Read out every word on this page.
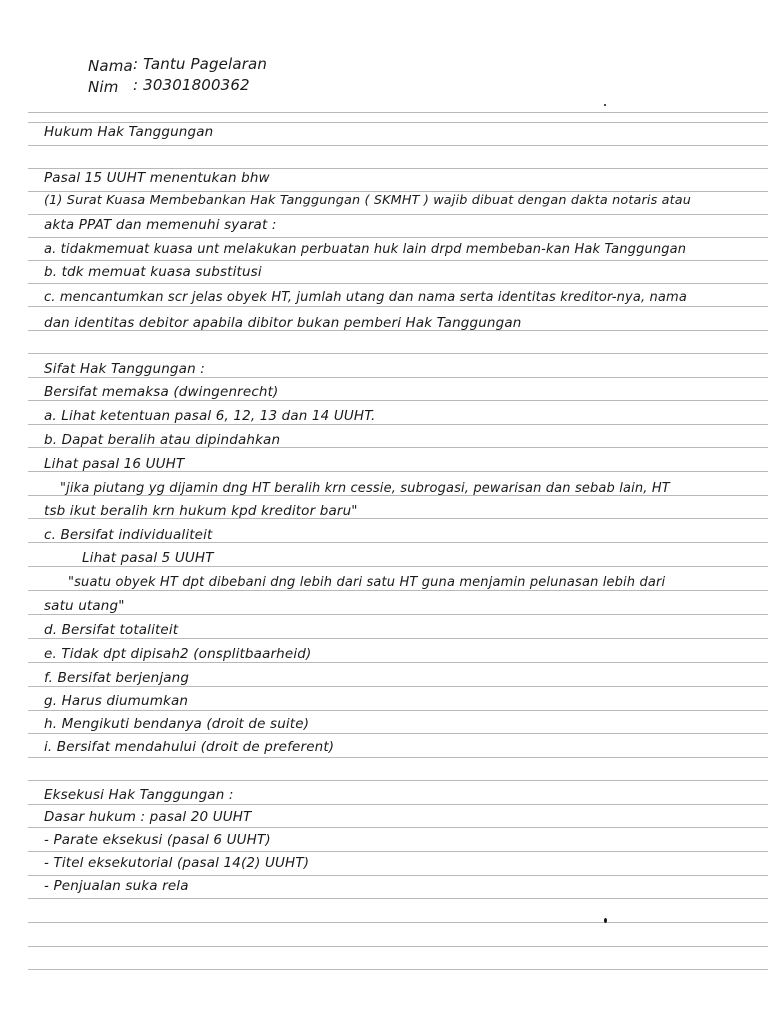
Nama : Tantu Pagelaran
Nim : 30301800362
Hukum Hak Tanggungan
Pasal 15 UUHT menentukan bhw
(1) Surat Kuasa Membebankan Hak Tanggungan ( SKMHT ) wajib dibuat dengan dakta notaris atau
akta PPAT dan memenuhi syarat :
a. tidakmemuat kuasa unt melakukan perbuatan huk lain drpd membeban-kan Hak Tanggungan
b. tdk memuat kuasa substitusi
c. mencantumkan scr jelas obyek HT, jumlah utang dan nama serta identitas kreditor-nya, nama
dan identitas debitor apabila dibitor bukan pemberi Hak Tanggungan
Sifat Hak Tanggungan :
Bersifat memaksa (dwingenrecht)
a. Lihat ketentuan pasal 6, 12, 13 dan 14 UUHT.
b. Dapat beralih atau dipindahkan
Lihat pasal 16 UUHT
"jika piutang yg dijamin dng HT beralih krn cessie, subrogasi, pewarisan dan sebab lain, HT
tsb ikut beralih krn hukum kpd kreditor baru"
c. Bersifat individualiteit
Lihat pasal 5 UUHT
"suatu obyek HT dpt dibebani dng lebih dari satu HT guna menjamin pelunasan lebih dari
satu utang"
d. Bersifat totaliteit
e. Tidak dpt dipisah2 (onsplitbaarheid)
f. Bersifat berjenjang
g. Harus diumumkan
h. Mengikuti bendanya (droit de suite)
i. Bersifat mendahului (droit de preferent)
Eksekusi Hak Tanggungan :
Dasar hukum : pasal 20 UUHT
- Parate eksekusi (pasal 6 UUHT)
- Titel eksekutorial (pasal 14(2) UUHT)
- Penjualan suka rela
